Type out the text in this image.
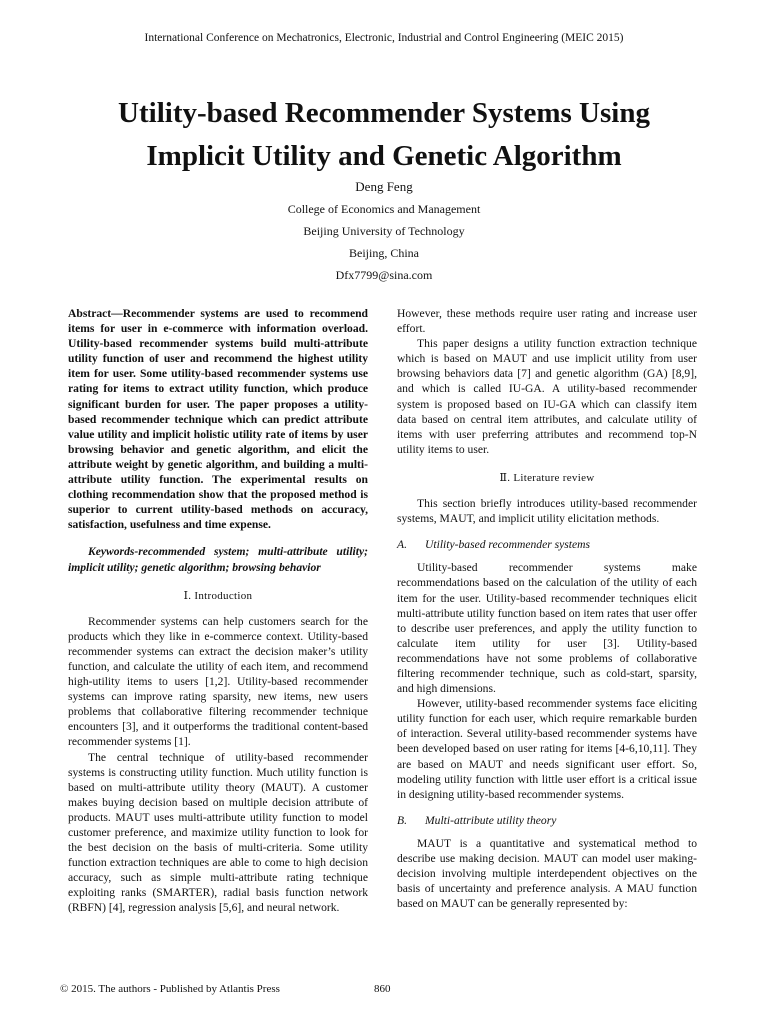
International Conference on Mechatronics, Electronic, Industrial and Control Engineering (MEIC 2015)
Utility-based Recommender Systems Using
Implicit Utility and Genetic Algorithm
Deng Feng
College of Economics and Management
Beijing University of Technology
Beijing, China
Dfx7799@sina.com

Abstract—Recommender systems are used to recommend items for user in e-commerce with information overload. Utility-based recommender systems build multi-attribute utility function of user and recommend the highest utility item for user. Some utility-based recommender systems use rating for items to extract utility function, which produce significant burden for user. The paper proposes a utility-based recommender technique which can predict attribute value utility and implicit holistic utility rate of items by user browsing behavior and genetic algorithm, and elicit the attribute weight by genetic algorithm, and building a multi-attribute utility function. The experimental results on clothing recommendation show that the proposed method is superior to current utility-based methods on accuracy, satisfaction, usefulness and time expense.

Keywords-recommended system; multi-attribute utility; implicit utility; genetic algorithm; browsing behavior

Ⅰ. Introduction

Recommender systems can help customers search for the products which they like in e-commerce context. Utility-based recommender systems can extract the decision maker’s utility function, and calculate the utility of each item, and recommend high-utility items to users [1,2]. Utility-based recommender systems can improve rating sparsity, new items, new users problems that collaborative filtering recommender technique encounters [3], and it outperforms the traditional content-based recommender systems [1].

The central technique of utility-based recommender systems is constructing utility function. Much utility function is based on multi-attribute utility theory (MAUT). A customer makes buying decision based on multiple decision attribute of products. MAUT uses multi-attribute utility function to model customer preference, and maximize utility function to look for the best decision on the basis of multi-criteria. Some utility function extraction techniques are able to come to high decision accuracy, such as simple multi-attribute rating technique exploiting ranks (SMARTER), radial basis function network (RBFN) [4], regression analysis [5,6], and neural network.

However, these methods require user rating and increase user effort.

This paper designs a utility function extraction technique which is based on MAUT and use implicit utility from user browsing behaviors data [7] and genetic algorithm (GA) [8,9], and which is called IU-GA. A utility-based recommender system is proposed based on IU-GA which can classify item data based on central item attributes, and calculate utility of items with user preferring attributes and recommend top-N utility items to user.

Ⅱ. Literature review

This section briefly introduces utility-based recommender systems, MAUT, and implicit utility elicitation methods.

A. Utility-based recommender systems

Utility-based recommender systems make recommendations based on the calculation of the utility of each item for the user. Utility-based recommender techniques elicit multi-attribute utility function based on item rates that user offer to describe user preferences, and apply the utility function to calculate item utility for user [3]. Utility-based recommendations have not some problems of collaborative filtering recommender technique, such as cold-start, sparsity, and high dimensions.

However, utility-based recommender systems face eliciting utility function for each user, which require remarkable burden of interaction. Several utility-based recommender systems have been developed based on user rating for items [4-6,10,11]. They are based on MAUT and needs significant user effort. So, modeling utility function with little user effort is a critical issue in designing utility-based recommender systems.

B. Multi-attribute utility theory

MAUT is a quantitative and systematical method to describe use making decision. MAUT can model user making-decision involving multiple interdependent objectives on the basis of uncertainty and preference analysis. A MAU function based on MAUT can be generally represented by:

© 2015. The authors - Published by Atlantis Press	860
